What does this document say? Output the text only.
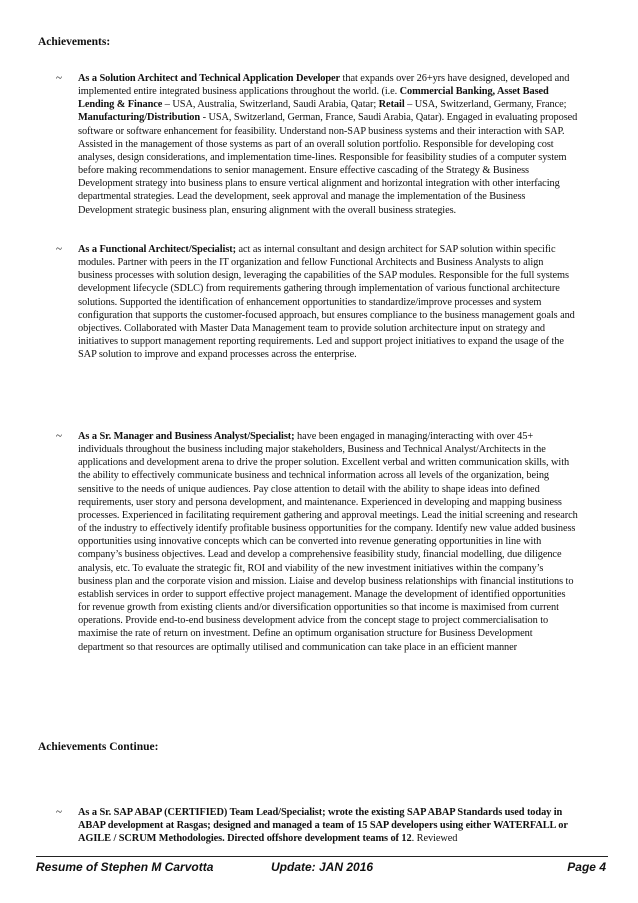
Achievements:

~	As a Solution Architect and Technical Application Developer that expands over 26+yrs have designed, developed and implemented entire integrated business applications throughout the world. (i.e. Commercial Banking, Asset Based Lending & Finance – USA, Australia, Switzerland, Saudi Arabia, Qatar; Retail – USA, Switzerland, Germany, France; Manufacturing/Distribution - USA, Switzerland, German, France, Saudi Arabia, Qatar). Engaged in evaluating proposed software or software enhancement for feasibility. Understand non-SAP business systems and their interaction with SAP. Assisted in the management of those systems as part of an overall solution portfolio. Responsible for developing cost analyses, design considerations, and implementation time-lines. Responsible for feasibility studies of a computer system before making recommendations to senior management. Ensure effective cascading of the Strategy & Business Development strategy into business plans to ensure vertical alignment and horizontal integration with other interfacing departmental strategies. Lead the development, seek approval and manage the implementation of the Business Development strategic business plan, ensuring alignment with the overall business strategies.
~	As a Functional Architect/Specialist; act as internal consultant and design architect for SAP solution within specific modules. Partner with peers in the IT organization and fellow Functional Architects and Business Analysts to align business processes with solution design, leveraging the capabilities of the SAP modules. Responsible for the full systems development lifecycle (SDLC) from requirements gathering through implementation of various functional architecture solutions. Supported the identification of enhancement opportunities to standardize/improve processes and system configuration that supports the customer-focused approach, but ensures compliance to the business management goals and objectives. Collaborated with Master Data Management team to provide solution architecture input on strategy and initiatives to support management reporting requirements. Led and support project initiatives to expand the usage of the SAP solution to improve and expand processes across the enterprise.
~	As a Sr. Manager and Business Analyst/Specialist; have been engaged in managing/interacting with over 45+ individuals throughout the business including major stakeholders, Business and Technical Analyst/Architects in the applications and development arena to drive the proper solution. Excellent verbal and written communication skills, with the ability to effectively communicate business and technical information across all levels of the organization, being sensitive to the needs of unique audiences. Pay close attention to detail with the ability to shape ideas into defined requirements, user story and persona development, and maintenance. Experienced in developing and mapping business processes. Experienced in facilitating requirement gathering and approval meetings. Lead the initial screening and research of the industry to effectively identify profitable business opportunities for the company. Identify new value added business opportunities using innovative concepts which can be converted into revenue generating opportunities in line with company’s business objectives. Lead and develop a comprehensive feasibility study, financial modelling, due diligence analysis, etc. To evaluate the strategic fit, ROI and viability of the new investment initiatives within the company’s business plan and the corporate vision and mission. Liaise and develop business relationships with financial institutions to establish services in order to support effective project management. Manage the development of identified opportunities for revenue growth from existing clients and/or diversification opportunities so that income is maximised from current operations. Provide end-to-end business development advice from the concept stage to project commercialisation to maximise the rate of return on investment. Define an optimum organisation structure for Business Development department so that resources are optimally utilised and communication can take place in an efficient manner

Achievements Continue:

~	As a Sr. SAP ABAP (CERTIFIED) Team Lead/Specialist; wrote the existing SAP ABAP Standards used today in ABAP development at Rasgas; designed and managed a team of 15 SAP developers using either WATERFALL or AGILE / SCRUM Methodologies. Directed offshore development teams of 12. Reviewed
Resume of Stephen M Carvotta	Update: JAN 2016	Page 4
